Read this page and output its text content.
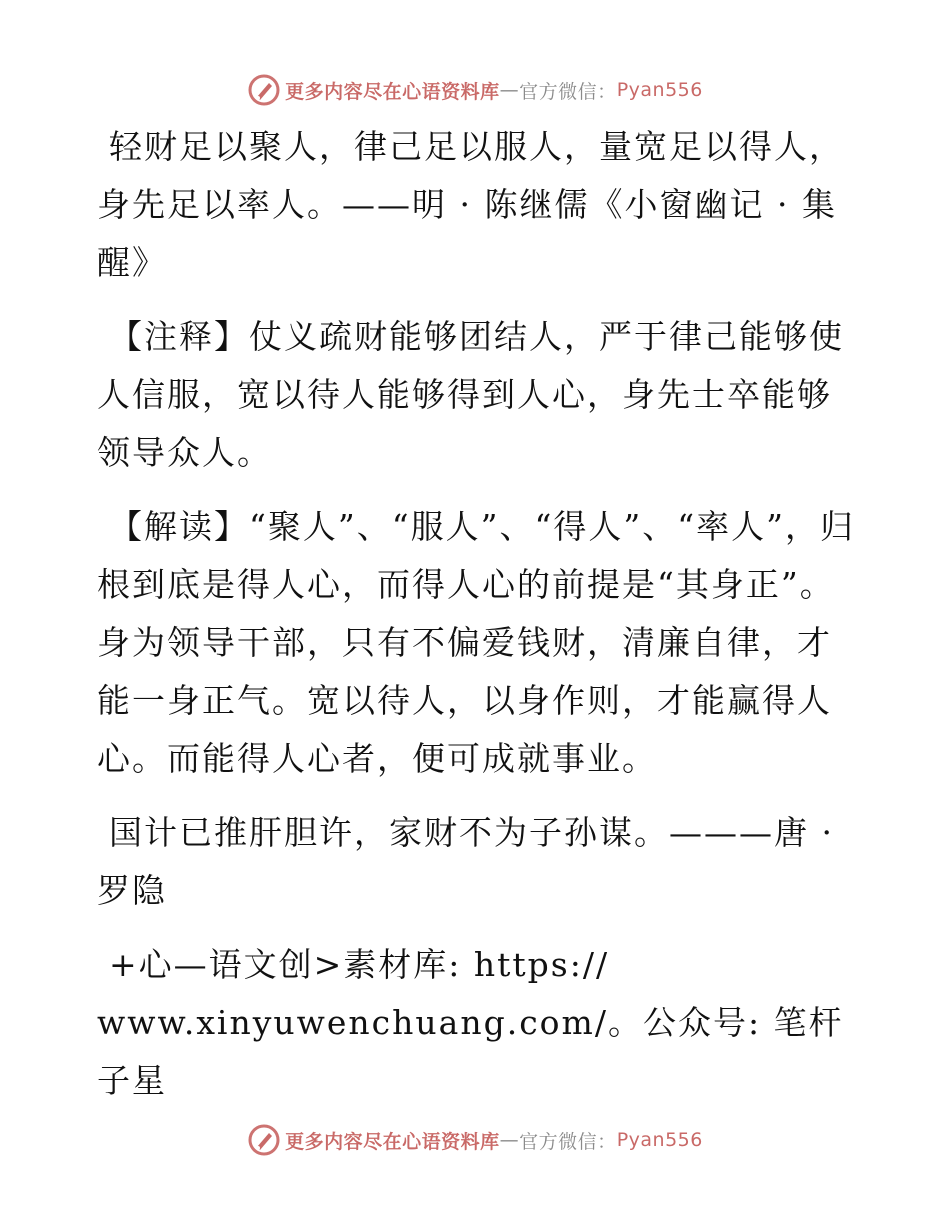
更多内容尽在心语资料库 — 官方微信： Pyan556

轻财足以聚人，律己足以服人，量宽足以得人，身先足以率人。——明 · 陈继儒《小窗幽记 · 集醒》

【注释】仗义疏财能够团结人，严于律己能够使人信服，宽以待人能够得到人心，身先士卒能够领导众人。

【解读】“聚人”、“服人”、“得人”、“率人”，归根到底是得人心，而得人心的前提是“其身正”。身为领导干部，只有不偏爱钱财，清廉自律，才能一身正气。宽以待人，以身作则，才能赢得人心。而能得人心者，便可成就事业。

国计已推肝胆许，家财不为子孙谋。———唐 · 罗隐

+心—语文创>素材库: https://
www.xinyuwenchuang.com/。公众号: 笔杆子星

更多内容尽在心语资料库 — 官方微信： Pyan556
